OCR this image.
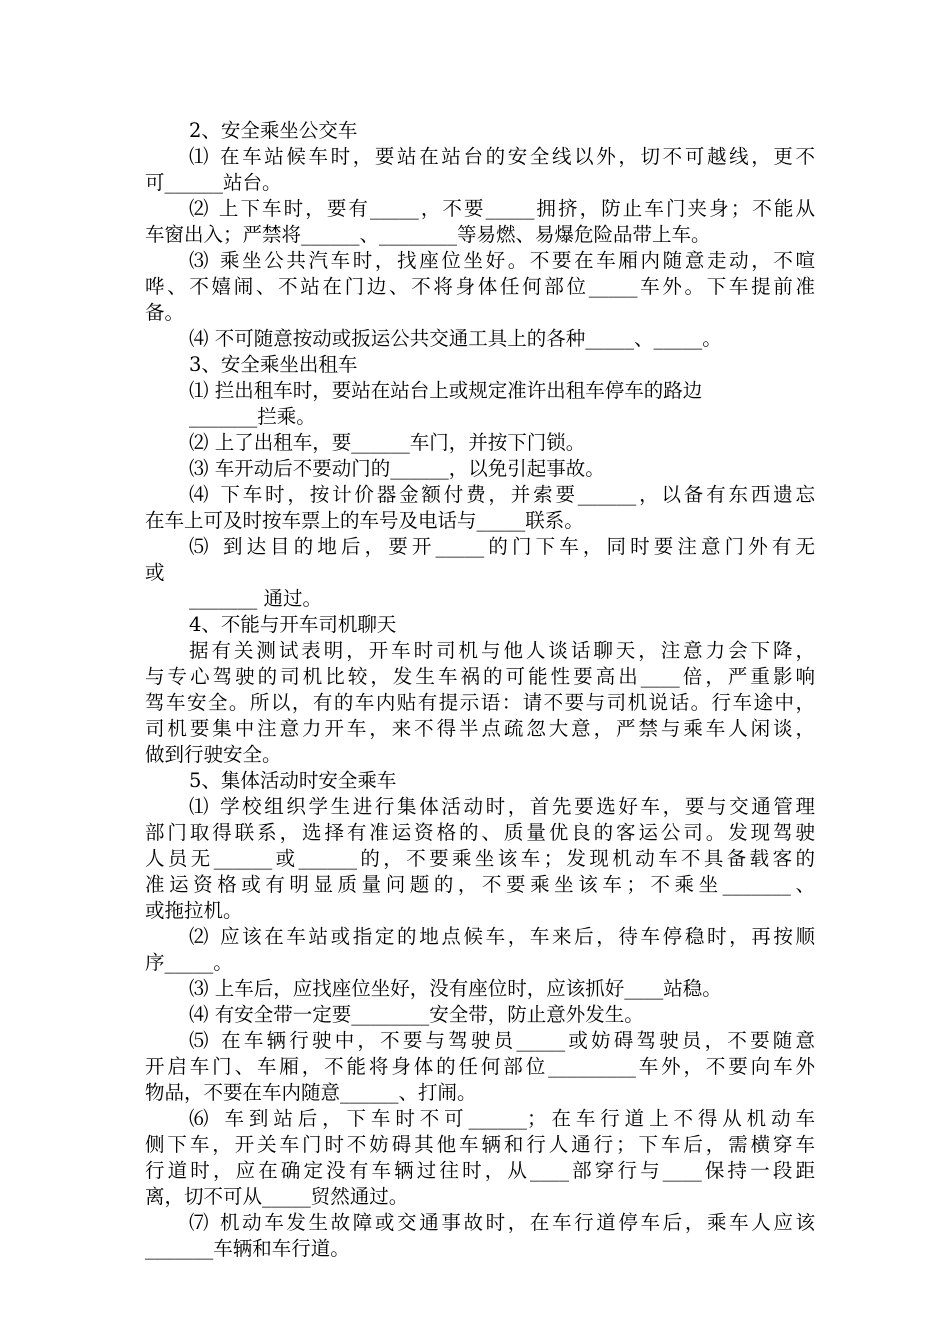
2、安全乘坐公交车
⑴ 在车站候车时，要站在站台的安全线以外，切不可越线，更不
可______站台。
⑵ 上下车时，要有_____，不要_____拥挤，防止车门夹身；不能从
车窗出入；严禁将______、________等易燃、易爆危险品带上车。
⑶ 乘坐公共汽车时，找座位坐好。不要在车厢内随意走动，不喧
哗、不嬉闹、不站在门边、不将身体任何部位_____车外。下车提前准
备。
⑷ 不可随意按动或扳运公共交通工具上的各种_____、_____。
3、安全乘坐出租车
⑴ 拦出租车时，要站在站台上或规定准许出租车停车的路边
_______拦乘。
⑵ 上了出租车，要______车门，并按下门锁。
⑶ 车开动后不要动门的______，以免引起事故。
⑷ 下车时，按计价器金额付费，并索要______，以备有东西遗忘
在车上可及时按车票上的车号及电话与_____联系。
⑸ 到达目的地后，要开_____的门下车，同时要注意门外有无
或
_______ 通过。
4、不能与开车司机聊天
据有关测试表明，开车时司机与他人谈话聊天，注意力会下降，
与专心驾驶的司机比较，发生车祸的可能性要高出____倍，严重影响
驾车安全。所以，有的车内贴有提示语：请不要与司机说话。行车途中，
司机要集中注意力开车，来不得半点疏忽大意，严禁与乘车人闲谈，
做到行驶安全。
5、集体活动时安全乘车
⑴ 学校组织学生进行集体活动时，首先要选好车，要与交通管理
部门取得联系，选择有准运资格的、质量优良的客运公司。发现驾驶
人员无______或______的，不要乘坐该车；发现机动车不具备载客的
准运资格或有明显质量问题的，不要乘坐该车；不乘坐_______、
或拖拉机。
⑵ 应该在车站或指定的地点候车，车来后，待车停稳时，再按顺
序_____。
⑶ 上车后，应找座位坐好，没有座位时，应该抓好____站稳。
⑷ 有安全带一定要________安全带，防止意外发生。
⑸ 在车辆行驶中，不要与驾驶员_____或妨碍驾驶员，不要随意
开启车门、车厢，不能将身体的任何部位_________车外，不要向车外
物品，不要在车内随意______、打闹。
⑹ 车到站后，下车时不可______；在车行道上不得从机动车
侧下车，开关车门时不妨碍其他车辆和行人通行；下车后，需横穿车
行道时，应在确定没有车辆过往时，从____部穿行与____保持一段距
离，切不可从_____贸然通过。
⑺ 机动车发生故障或交通事故时，在车行道停车后，乘车人应该
_______车辆和车行道。
